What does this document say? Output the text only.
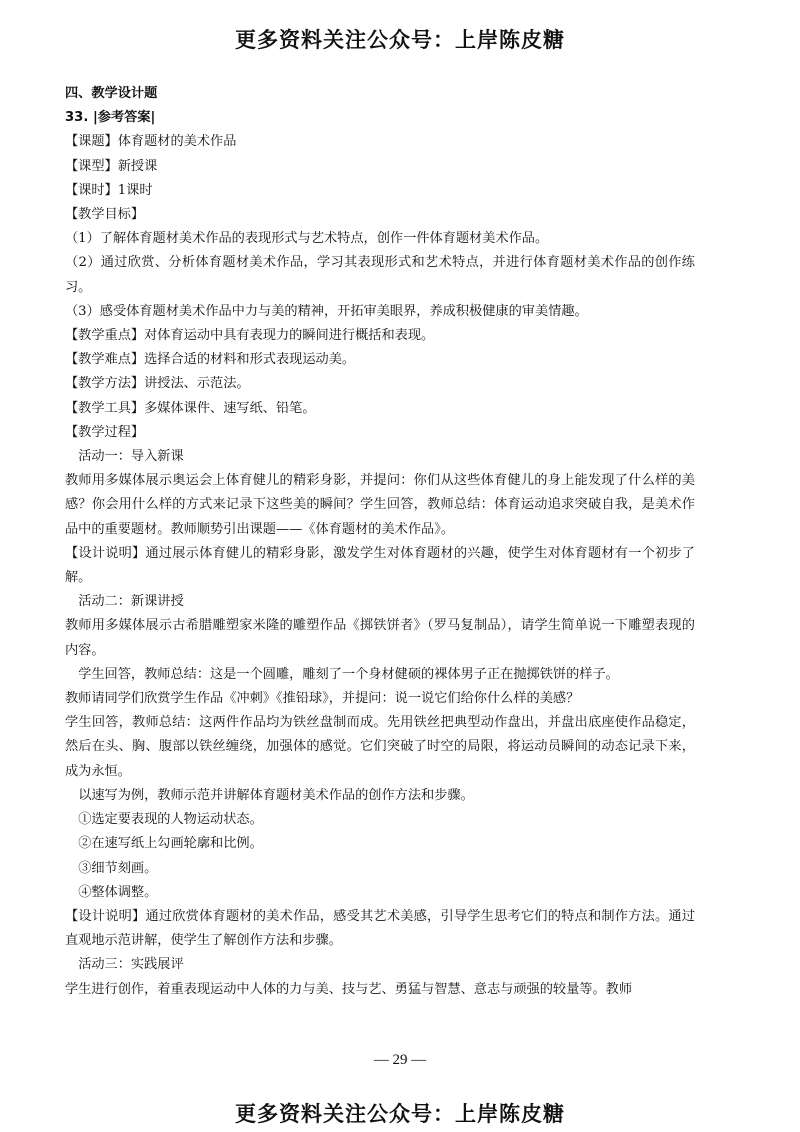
更多资料关注公众号：上岸陈皮糖
四、教学设计题
33. |参考答案|
【课题】体育题材的美术作品
【课型】新授课
【课时】1课时
【教学目标】
（1）了解体育题材美术作品的表现形式与艺术特点，创作一件体育题材美术作品。
（2）通过欣赏、分析体育题材美术作品，学习其表现形式和艺术特点，并进行体育题材美术作品的创作练习。
（3）感受体育题材美术作品中力与美的精神，开拓审美眼界，养成积极健康的审美情趣。
【教学重点】对体育运动中具有表现力的瞬间进行概括和表现。
【教学难点】选择合适的材料和形式表现运动美。
【教学方法】讲授法、示范法。
【教学工具】多媒体课件、速写纸、铅笔。
【教学过程】
活动一：导入新课
教师用多媒体展示奥运会上体育健儿的精彩身影，并提问：你们从这些体育健儿的身上能发现了什么样的美感？你会用什么样的方式来记录下这些美的瞬间？学生回答，教师总结：体育运动追求突破自我，是美术作品中的重要题材。教师顺势引出课题——《体育题材的美术作品》。
【设计说明】通过展示体育健儿的精彩身影，激发学生对体育题材的兴趣，使学生对体育题材有一个初步了解。
活动二：新课讲授
教师用多媒体展示古希腊雕塑家米隆的雕塑作品《掷铁饼者》（罗马复制品），请学生简单说一下雕塑表现的内容。
学生回答，教师总结：这是一个圆雕，雕刻了一个身材健硕的裸体男子正在抛掷铁饼的样子。
教师请同学们欣赏学生作品《冲刺》《推铅球》，并提问：说一说它们给你什么样的美感？
学生回答，教师总结：这两件作品均为铁丝盘制而成。先用铁丝把典型动作盘出，并盘出底座使作品稳定，然后在头、胸、腹部以铁丝缠绕，加强体的感觉。它们突破了时空的局限，将运动员瞬间的动态记录下来，成为永恒。
以速写为例，教师示范并讲解体育题材美术作品的创作方法和步骤。
①选定要表现的人物运动状态。
②在速写纸上勾画轮廓和比例。
③细节刻画。
④整体调整。
【设计说明】通过欣赏体育题材的美术作品，感受其艺术美感，引导学生思考它们的特点和制作方法。通过直观地示范讲解，使学生了解创作方法和步骤。
活动三：实践展评
学生进行创作，着重表现运动中人体的力与美、技与艺、勇猛与智慧、意志与顽强的较量等。教师
— 29 —
更多资料关注公众号：上岸陈皮糖
